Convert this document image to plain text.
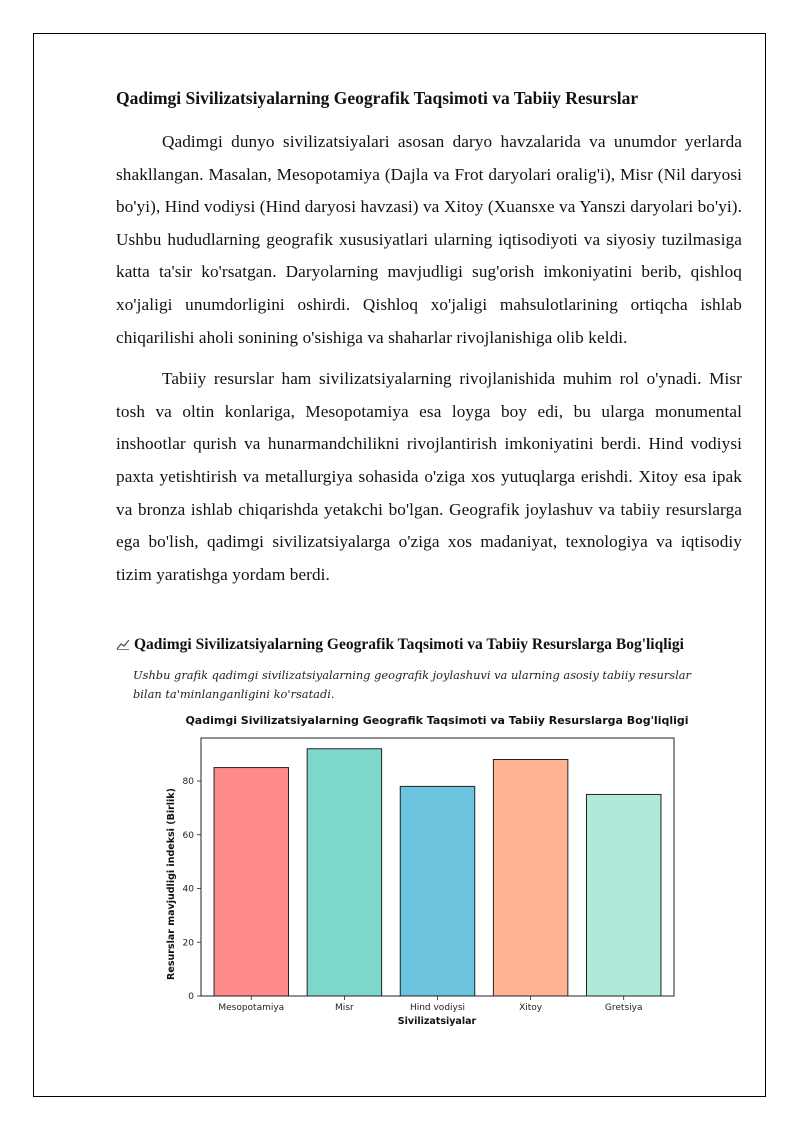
Qadimgi Sivilizatsiyalarning Geografik Taqsimoti va Tabiiy Resurslar

Qadimgi dunyo sivilizatsiyalari asosan daryo havzalarida va unumdor yerlarda shakllangan. Masalan, Mesopotamiya (Dajla va Frot daryolari oralig'i), Misr (Nil daryosi bo'yi), Hind vodiysi (Hind daryosi havzasi) va Xitoy (Xuansxe va Yanszi daryolari bo'yi). Ushbu hududlarning geografik xususiyatlari ularning iqtisodiyoti va siyosiy tuzilmasiga katta ta'sir ko'rsatgan. Daryolarning mavjudligi sug'orish imkoniyatini berib, qishloq xo'jaligi unumdorligini oshirdi. Qishloq xo'jaligi mahsulotlarining ortiqcha ishlab chiqarilishi aholi sonining o'sishiga va shaharlar rivojlanishiga olib keldi.

Tabiiy resurslar ham sivilizatsiyalarning rivojlanishida muhim rol o'ynadi. Misr tosh va oltin konlariga, Mesopotamiya esa loyga boy edi, bu ularga monumental inshootlar qurish va hunarmandchilikni rivojlantirish imkoniyatini berdi. Hind vodiysi paxta yetishtirish va metallurgiya sohasida o'ziga xos yutuqlarga erishdi. Xitoy esa ipak va bronza ishlab chiqarishda yetakchi bo'lgan. Geografik joylashuv va tabiiy resurslarga ega bo'lish, qadimgi sivilizatsiyalarga o'ziga xos madaniyat, texnologiya va iqtisodiy tizim yaratishga yordam berdi.

Qadimgi Sivilizatsiyalarning Geografik Taqsimoti va Tabiiy Resurslarga Bog'liqligi
Ushbu grafik qadimgi sivilizatsiyalarning geografik joylashuvi va ularning asosiy tabiiy resurslar bilan ta'minlanganligini ko'rsatadi.
Qadimgi Sivilizatsiyalarning Geografik Taqsimoti va Tabiiy Resurslarga Bog'liqligi
Mesopotamiya	Misr	Hind vodiysi	Xitoy	Gretsiya
0
20
40
60
80
Sivilizatsiyalar
Resurslar mavjudligi indeksi (Birlik)
